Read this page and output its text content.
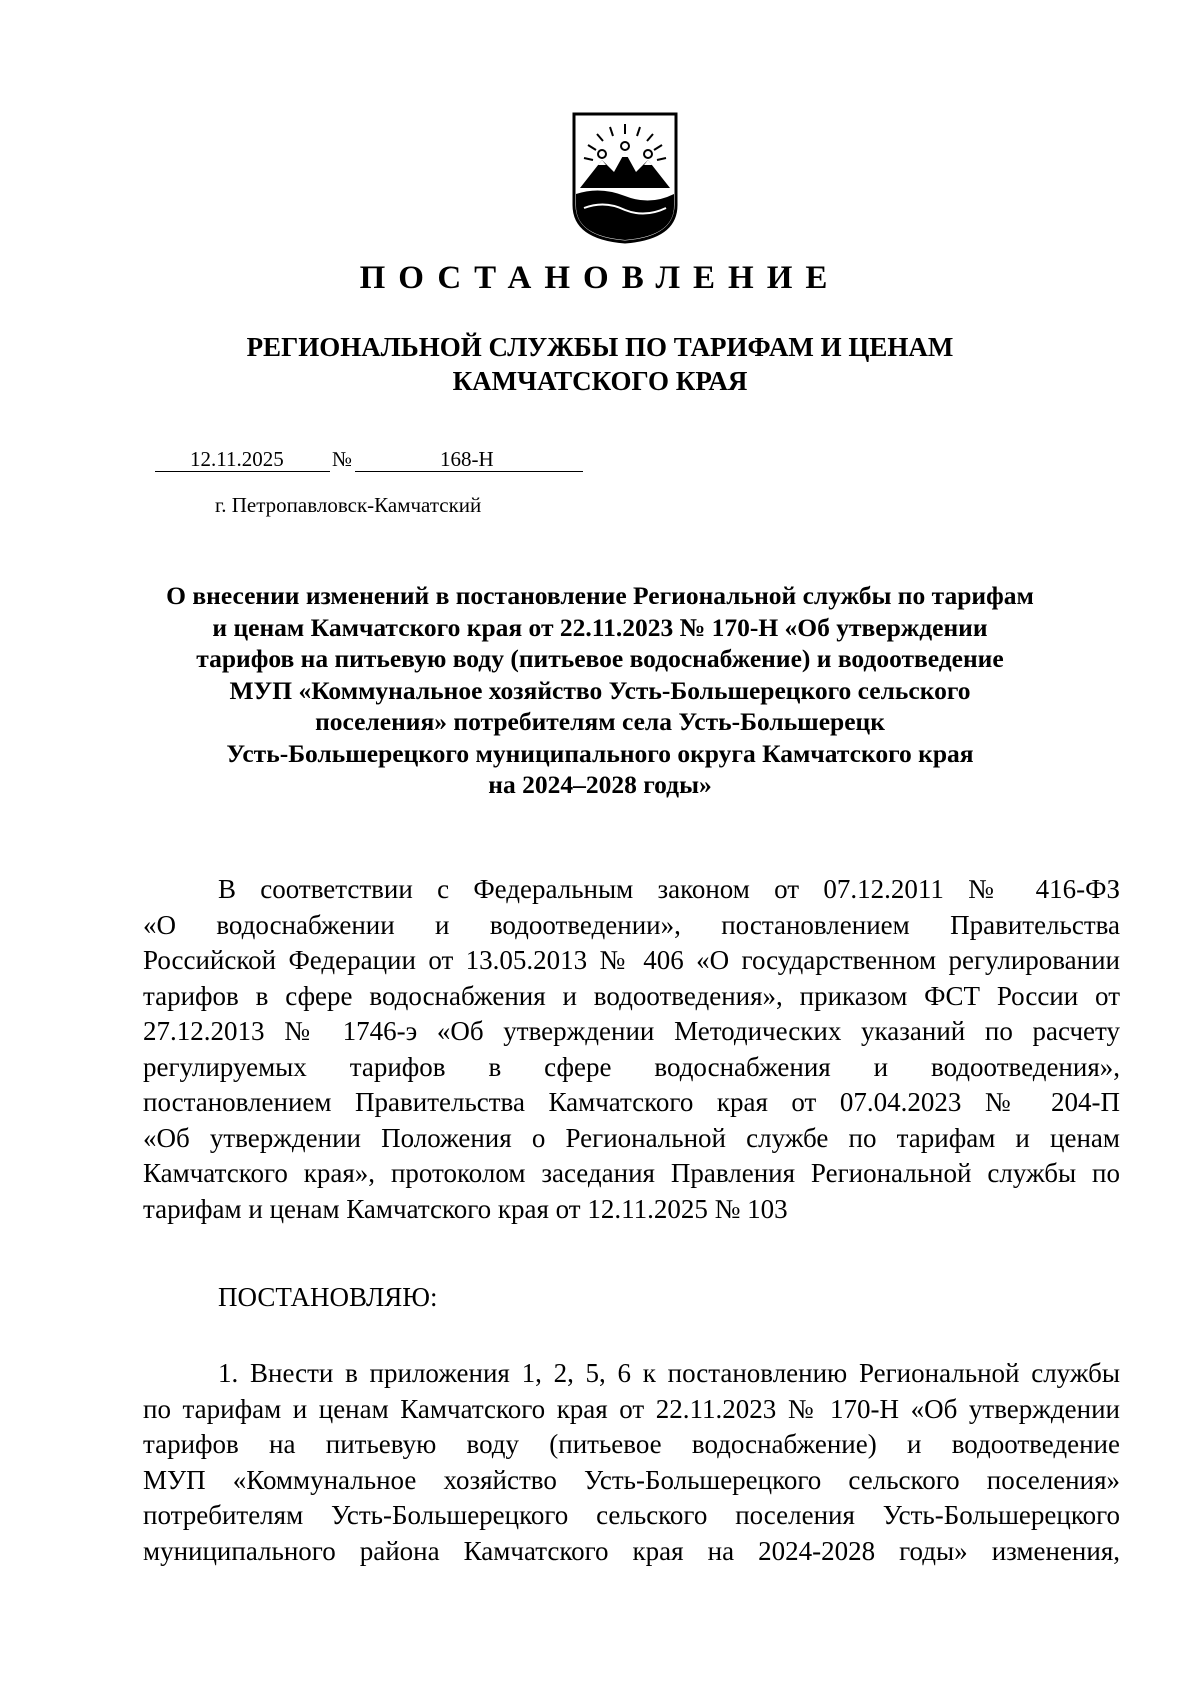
ПОСТАНОВЛЕНИЕ
РЕГИОНАЛЬНОЙ СЛУЖБЫ ПО ТАРИФАМ И ЦЕНАМ
КАМЧАТСКОГО КРАЯ
12.11.2025 №	168-Н
г. Петропавловск-Камчатский
О внесении изменений в постановление Региональной службы по тарифам
и ценам Камчатского края от 22.11.2023 № 170-Н «Об утверждении
тарифов на питьевую воду (питьевое водоснабжение) и водоотведение
МУП «Коммунальное хозяйство Усть-Большерецкого сельского
поселения» потребителям села Усть-Большерецк
Усть-Большерецкого муниципального округа Камчатского края
на 2024–2028 годы»
В соответствии с Федеральным законом от 07.12.2011 № 416-ФЗ
«О водоснабжении и водоотведении», постановлением Правительства
Российской Федерации от 13.05.2013 № 406 «О государственном регулировании
тарифов в сфере водоснабжения и водоотведения», приказом ФСТ России от
27.12.2013 № 1746-э «Об утверждении Методических указаний по расчету
регулируемых тарифов в сфере водоснабжения и водоотведения»,
постановлением Правительства Камчатского края от 07.04.2023 № 204-П
«Об утверждении Положения о Региональной службе по тарифам и ценам
Камчатского края», протоколом заседания Правления Региональной службы по
тарифам и ценам Камчатского края от 12.11.2025 № 103
ПОСТАНОВЛЯЮ:
1. Внести в приложения 1, 2, 5, 6 к постановлению Региональной службы
по тарифам и ценам Камчатского края от 22.11.2023 № 170-Н «Об утверждении
тарифов на питьевую воду (питьевое водоснабжение) и водоотведение
МУП «Коммунальное хозяйство Усть-Большерецкого сельского поселения»
потребителям Усть-Большерецкого сельского поселения Усть-Большерецкого
муниципального района Камчатского края на 2024-2028 годы» изменения,
